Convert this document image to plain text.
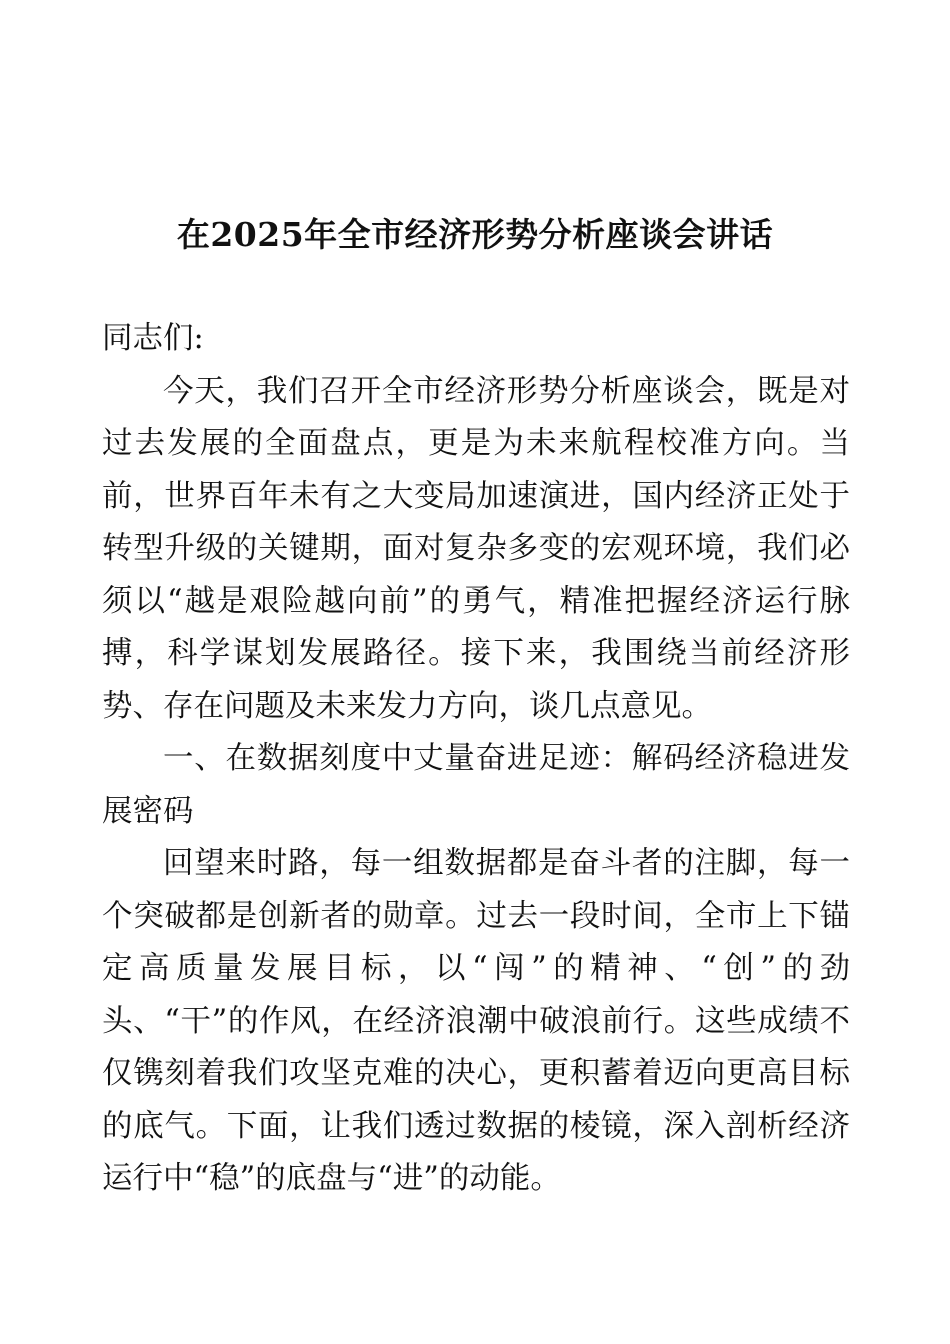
在2025年全市经济形势分析座谈会讲话

同志们:

今天，我们召开全市经济形势分析座谈会，既是对过去发展的全面盘点，更是为未来航程校准方向。当前，世界百年未有之大变局加速演进，国内经济正处于转型升级的关键期，面对复杂多变的宏观环境，我们必须以“越是艰险越向前”的勇气，精准把握经济运行脉搏，科学谋划发展路径。接下来，我围绕当前经济形势、存在问题及未来发力方向，谈几点意见。

一、在数据刻度中丈量奋进足迹：解码经济稳进发展密码

回望来时路，每一组数据都是奋斗者的注脚，每一个突破都是创新者的勋章。过去一段时间，全市上下锚定高质量发展目标，以“闯”的精神、“创”的劲头、“干”的作风，在经济浪潮中破浪前行。这些成绩不仅镌刻着我们攻坚克难的决心，更积蓄着迈向更高目标的底气。下面，让我们透过数据的棱镜，深入剖析经济运行中“稳”的底盘与“进”的动能。
